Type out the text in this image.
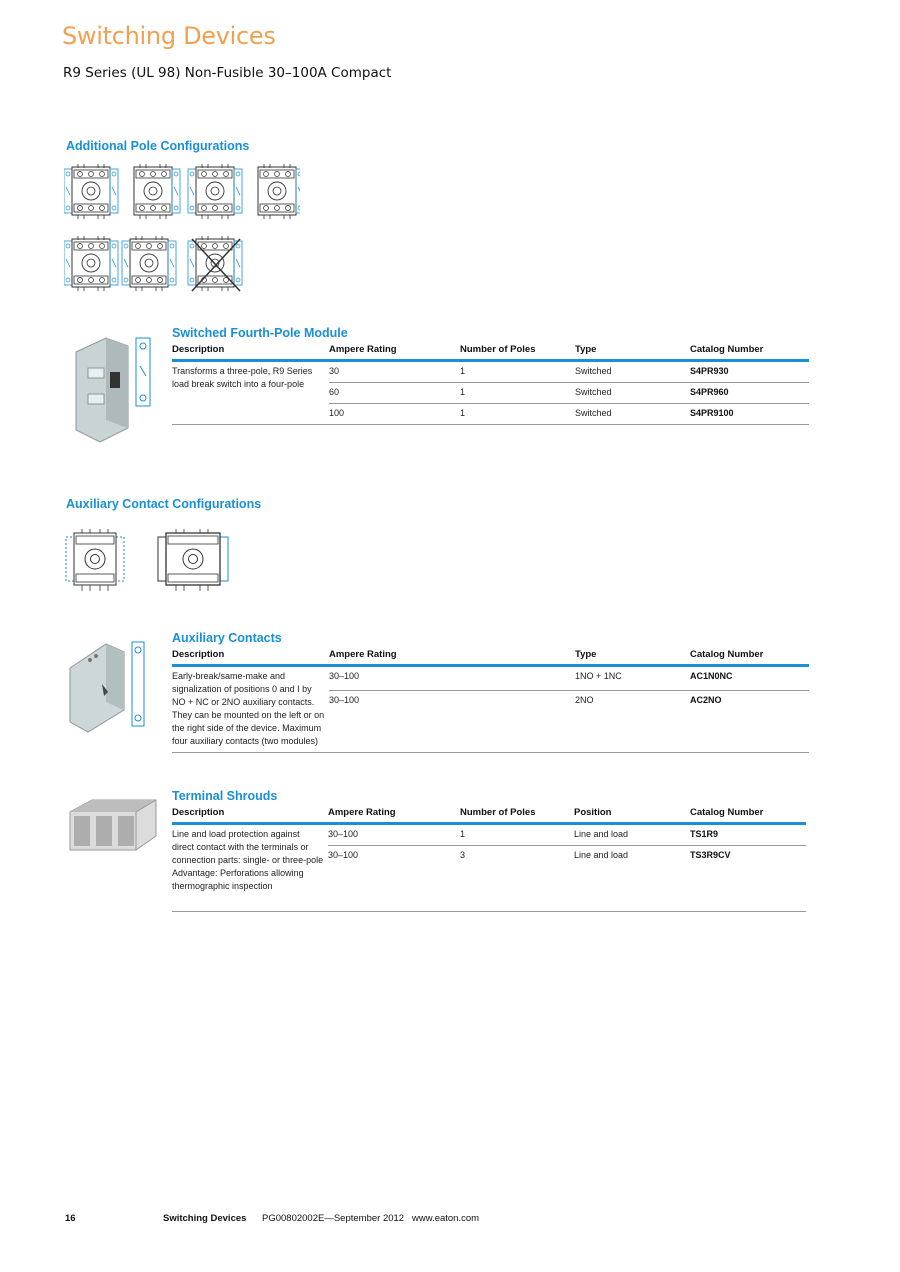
Switching Devices
R9 Series (UL 98) Non-Fusible 30–100A Compact
Additional Pole Configurations
Switched Fourth-Pole Module
Description	Ampere Rating	Number of Poles	Type	Catalog Number
Transforms a three-pole, R9 Series load break switch into a four-pole	30	1	Switched	S4PR930
	60	1	Switched	S4PR960
	100	1	Switched	S4PR9100
Auxiliary Contact Configurations
Auxiliary Contacts
Description	Ampere Rating	Type	Catalog Number
Early-break/same-make and signalization of positions 0 and I by NO + NC or 2NO auxiliary contacts. They can be mounted on the left or on the right side of the device. Maximum four auxiliary contacts (two modules)	30–100	1NO + 1NC	AC1N0NC
	30–100	2NO	AC2NO
Terminal Shrouds
Description	Ampere Rating	Number of Poles	Position	Catalog Number
Line and load protection against direct contact with the terminals or connection parts: single- or three-pole
Advantage: Perforations allowing thermographic inspection	30–100	1	Line and load	TS1R9
	30–100	3	Line and load	TS3R9CV
16	Switching Devices PG00802002E—September 2012   www.eaton.com
